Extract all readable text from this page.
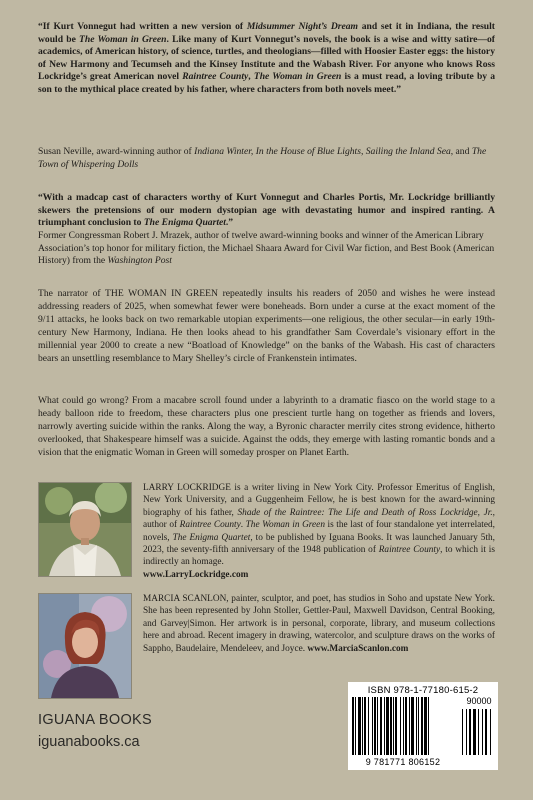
“If Kurt Vonnegut had written a new version of Midsummer Night’s Dream and set it in Indiana, the result would be The Woman in Green. Like many of Kurt Vonnegut’s novels, the book is a wise and witty satire—of academics, of American history, of science, turtles, and theologians—filled with Hoosier Easter eggs: the history of New Harmony and Tecumseh and the Kinsey Institute and the Wabash River. For anyone who knows Ross Lockridge’s great American novel Raintree County, The Woman in Green is a must read, a loving tribute by a son to the mythical place created by his father, where characters from both novels meet.”

Susan Neville, award-winning author of Indiana Winter, In the House of Blue Lights, Sailing the Inland Sea, and The Town of Whispering Dolls

“With a madcap cast of characters worthy of Kurt Vonnegut and Charles Portis, Mr. Lockridge brilliantly skewers the pretensions of our modern dystopian age with devastating humor and inspired ranting. A triumphant conclusion to The Enigma Quartet.”

Former Congressman Robert J. Mrazek, author of twelve award-winning books and winner of the American Library Association’s top honor for military fiction, the Michael Shaara Award for Civil War fiction, and Best Book (American History) from the Washington Post

The narrator of THE WOMAN IN GREEN repeatedly insults his readers of 2050 and wishes he were instead addressing readers of 2025, when somewhat fewer were boneheads. Born under a curse at the exact moment of the 9/11 attacks, he looks back on two remarkable utopian experiments—one religious, the other secular—in early 19th-century New Harmony, Indiana. He then looks ahead to his grandfather Sam Coverdale’s visionary effort in the millennial year 2000 to create a new “Boatload of Knowledge” on the banks of the Wabash. His cast of characters bears an unsettling resemblance to Mary Shelley’s circle of Frankenstein intimates.

What could go wrong? From a macabre scroll found under a labyrinth to a dramatic fiasco on the world stage to a heady balloon ride to freedom, these characters plus one prescient turtle hang on together as friends and lovers, narrowly averting suicide within the ranks. Along the way, a Byronic character merrily cites strong evidence, hitherto overlooked, that Shakespeare himself was a suicide. Against the odds, they emerge with lasting romantic bonds and a vision that the enigmatic Woman in Green will someday prosper on Planet Earth.

LARRY LOCKRIDGE is a writer living in New York City. Professor Emeritus of English, New York University, and a Guggenheim Fellow, he is best known for the award-winning biography of his father, Shade of the Raintree: The Life and Death of Ross Lockridge, Jr., author of Raintree County. The Woman in Green is the last of four standalone yet interrelated, novels, The Enigma Quartet, to be published by Iguana Books. It was launched January 5th, 2023, the seventy-fifth anniversary of the 1948 publication of Raintree County, to which it is indirectly an homage.
www.LarryLockridge.com

MARCIA SCANLON, painter, sculptor, and poet, has studios in Soho and upstate New York. She has been represented by John Stoller, Gettler-Paul, Maxwell Davidson, Central Booking, and Garvey|Simon. Her artwork is in personal, corporate, library, and museum collections here and abroad. Recent imagery in drawing, watercolor, and sculpture draws on the works of Sappho, Baudelaire, Mendeleev, and Joyce. www.MarciaScanlon.com

IGUANA BOOKS
iguanabooks.ca
ISBN 978-1-77180-615-2
90000
9 781771 806152
